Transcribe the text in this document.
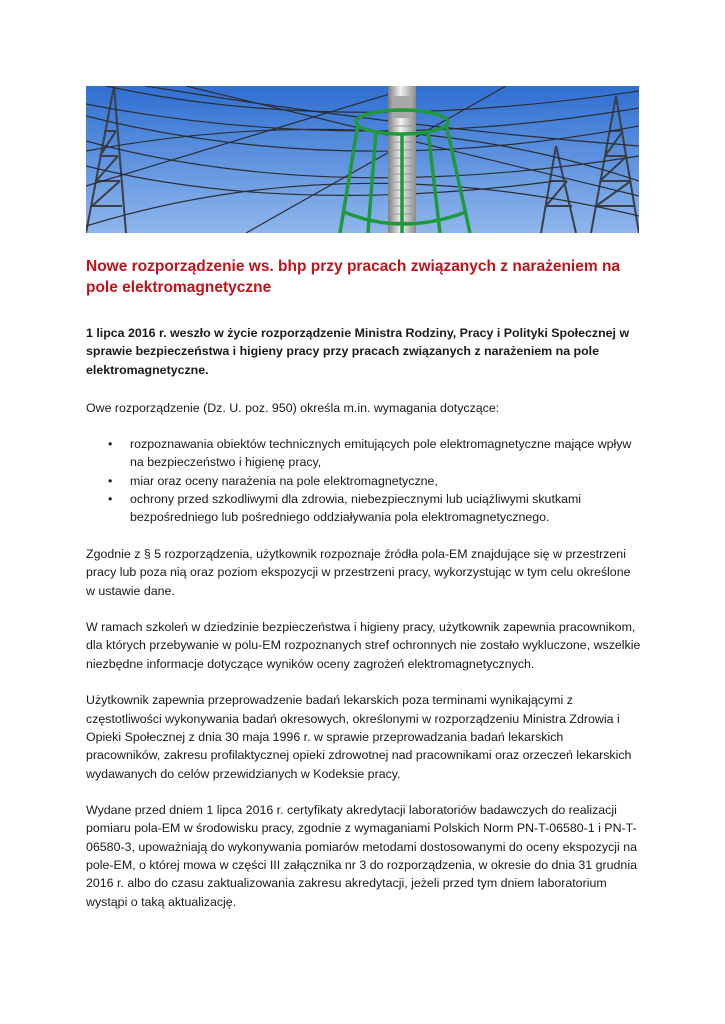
Nowe rozporządzenie ws. bhp przy pracach związanych z narażeniem na pole elektromagnetyczne

1 lipca 2016 r. weszło w życie rozporządzenie Ministra Rodziny, Pracy i Polityki Społecznej w sprawie bezpieczeństwa i higieny pracy przy pracach związanych z narażeniem na pole elektromagnetyczne.

Owe rozporządzenie (Dz. U. poz. 950) określa m.in. wymagania dotyczące:

• rozpoznawania obiektów technicznych emitujących pole elektromagnetyczne mające wpływ na bezpieczeństwo i higienę pracy,
• miar oraz oceny narażenia na pole elektromagnetyczne,
• ochrony przed szkodliwymi dla zdrowia, niebezpiecznymi lub uciążliwymi skutkami bezpośredniego lub pośredniego oddziaływania pola elektromagnetycznego.

Zgodnie z § 5 rozporządzenia, użytkownik rozpoznaje źródła pola-EM znajdujące się w przestrzeni pracy lub poza nią oraz poziom ekspozycji w przestrzeni pracy, wykorzystując w tym celu określone w ustawie dane.

W ramach szkoleń w dziedzinie bezpieczeństwa i higieny pracy, użytkownik zapewnia pracownikom, dla których przebywanie w polu-EM rozpoznanych stref ochronnych nie zostało wykluczone, wszelkie niezbędne informacje dotyczące wyników oceny zagrożeń elektromagnetycznych.

Użytkownik zapewnia przeprowadzenie badań lekarskich poza terminami wynikającymi z częstotliwości wykonywania badań okresowych, określonymi w rozporządzeniu Ministra Zdrowia i Opieki Społecznej z dnia 30 maja 1996 r. w sprawie przeprowadzania badań lekarskich pracowników, zakresu profilaktycznej opieki zdrowotnej nad pracownikami oraz orzeczeń lekarskich wydawanych do celów przewidzianych w Kodeksie pracy.

Wydane przed dniem 1 lipca 2016 r. certyfikaty akredytacji laboratoriów badawczych do realizacji pomiaru pola-EM w środowisku pracy, zgodnie z wymaganiami Polskich Norm PN-T-06580-1 i PN-T-06580-3, upoważniają do wykonywania pomiarów metodami dostosowanymi do oceny ekspozycji na pole-EM, o której mowa w części III załącznika nr 3 do rozporządzenia, w okresie do dnia 31 grudnia 2016 r. albo do czasu zaktualizowania zakresu akredytacji, jeżeli przed tym dniem laboratorium wystąpi o taką aktualizację.
